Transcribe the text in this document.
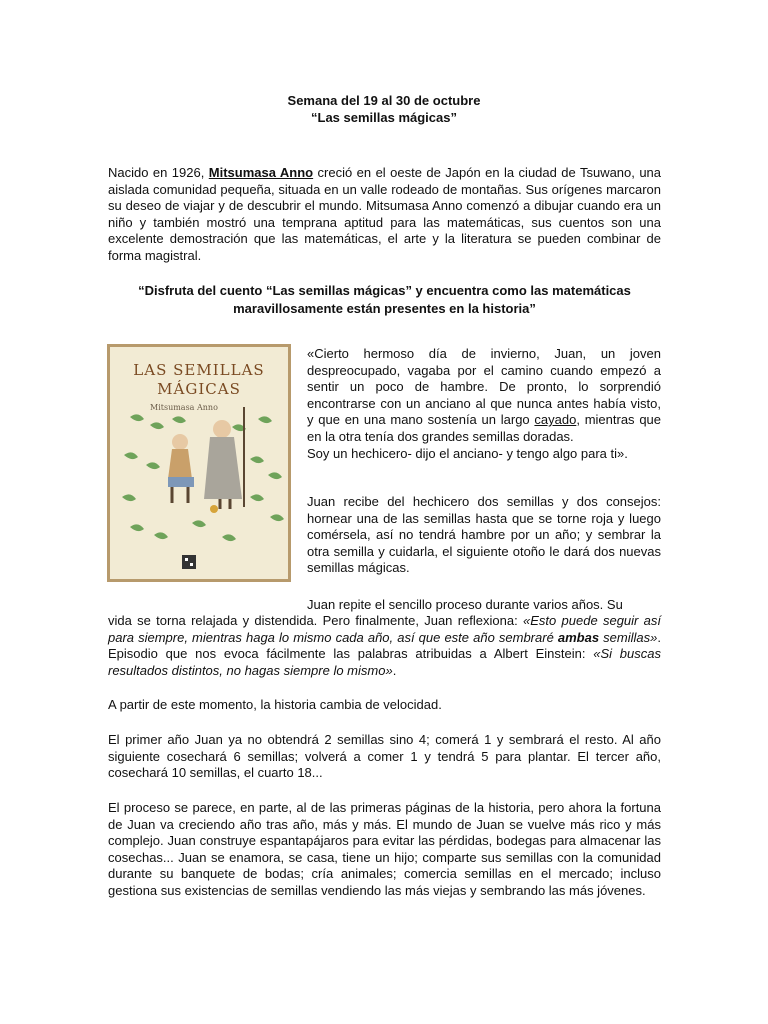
Semana del 19 al 30 de octubre
“Las semillas mágicas”

Nacido en 1926, Mitsumasa Anno creció en el oeste de Japón en la ciudad de Tsuwano, una aislada comunidad pequeña, situada en un valle rodeado de montañas. Sus orígenes marcaron su deseo de viajar y de descubrir el mundo. Mitsumasa Anno comenzó a dibujar cuando era un niño y también mostró una temprana aptitud para las matemáticas, sus cuentos son una excelente demostración que las matemáticas, el arte y la literatura se pueden combinar de forma magistral.

“Disfruta del cuento “Las semillas mágicas” y encuentra como las matemáticas
maravillosamente están presentes en la historia”
LAS SEMILLAS
MÁGICAS
Mitsumasa Anno

«Cierto hermoso día de invierno, Juan, un joven despreocupado, vagaba por el camino cuando empezó a sentir un poco de hambre. De pronto, lo sorprendió encontrarse con un anciano al que nunca antes había visto, y que en una mano sostenía un largo cayado, mientras que en la otra tenía dos grandes semillas doradas.
Soy un hechicero- dijo el anciano- y tengo algo para ti».

Juan recibe del hechicero dos semillas y dos consejos: hornear una de las semillas hasta que se torne roja y luego comérsela, así no tendrá hambre por un año; y sembrar la otra semilla y cuidarla, el siguiente otoño le dará dos nuevas semillas mágicas.

Juan repite el sencillo proceso durante varios años. Su

vida se torna relajada y distendida. Pero finalmente, Juan reflexiona: «Esto puede seguir así para siempre, mientras haga lo mismo cada año, así que este año sembraré ambas semillas». Episodio que nos evoca fácilmente las palabras atribuidas a Albert Einstein: «Si buscas resultados distintos, no hagas siempre lo mismo».

A partir de este momento, la historia cambia de velocidad.

El primer año Juan ya no obtendrá 2 semillas sino 4; comerá 1 y sembrará el resto. Al año siguiente cosechará 6 semillas; volverá a comer 1 y tendrá 5 para plantar. El tercer año, cosechará 10 semillas, el cuarto 18...

El proceso se parece, en parte, al de las primeras páginas de la historia, pero ahora la fortuna de Juan va creciendo año tras año, más y más. El mundo de Juan se vuelve más rico y más complejo. Juan construye espantapájaros para evitar las pérdidas, bodegas para almacenar las cosechas... Juan se enamora, se casa, tiene un hijo; comparte sus semillas con la comunidad durante su banquete de bodas; cría animales; comercia semillas en el mercado; incluso gestiona sus existencias de semillas vendiendo las más viejas y sembrando las más jóvenes.
